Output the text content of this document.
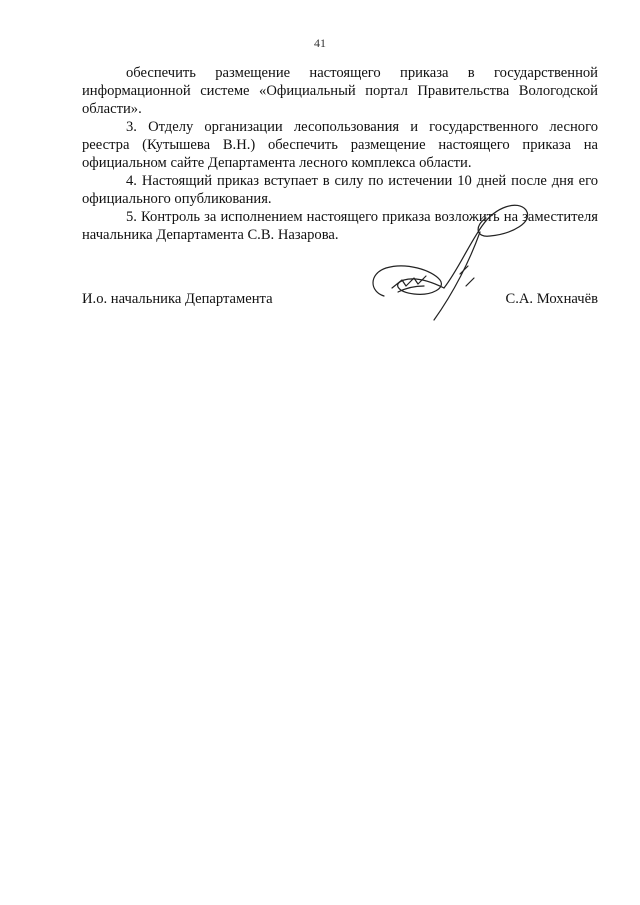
41

обеспечить размещение настоящего приказа в государственной информационной системе «Официальный портал Правительства Вологодской области».

3. Отделу организации лесопользования и государственного лесного реестра (Кутышева В.Н.) обеспечить размещение настоящего приказа на официальном сайте Департамента лесного комплекса области.

4. Настоящий приказ вступает в силу по истечении 10 дней после дня его официального опубликования.

5. Контроль за исполнением настоящего приказа возложить на заместителя начальника Департамента С.В. Назарова.

И.о. начальника Департамента	С.А. Мохначёв
